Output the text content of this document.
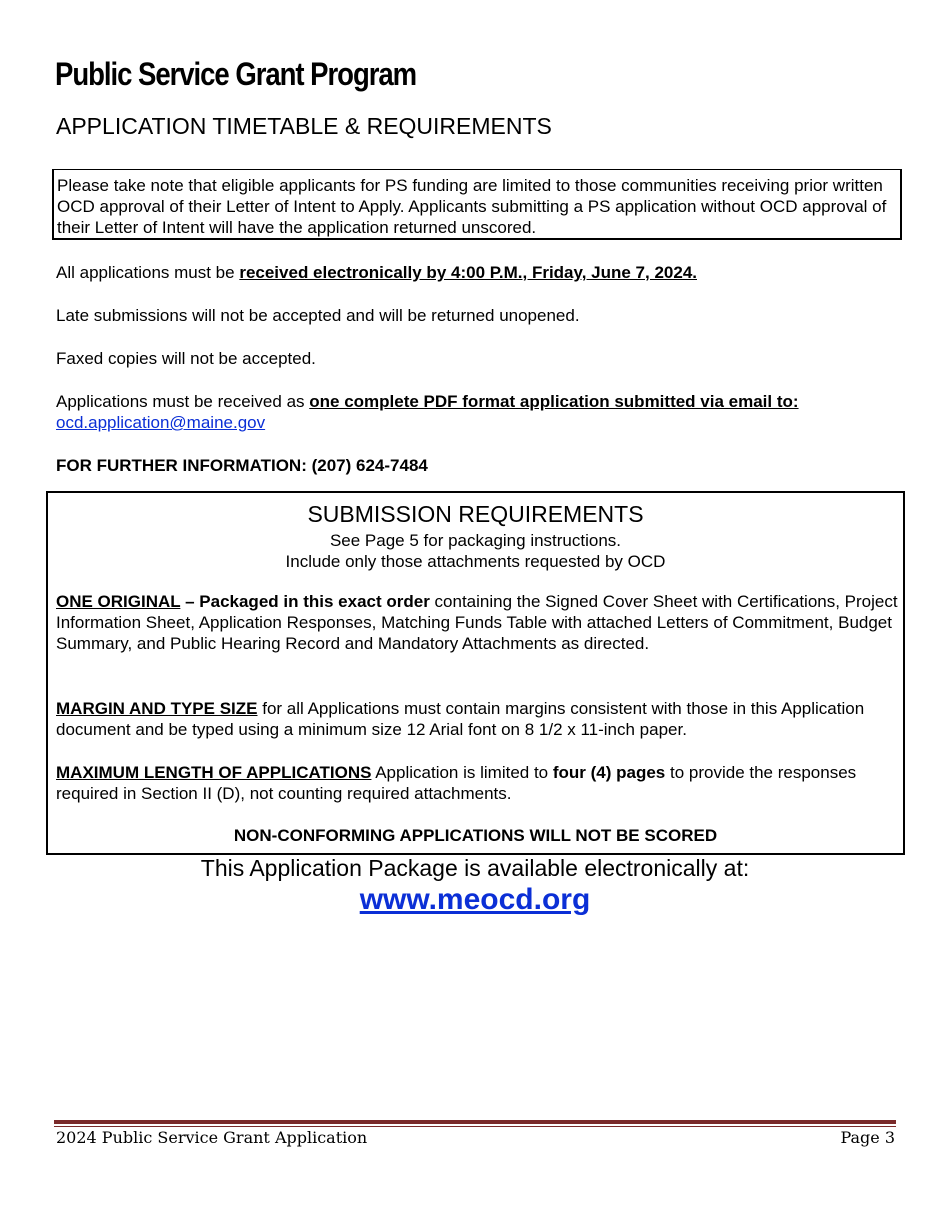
Public Service Grant Program
APPLICATION TIMETABLE & REQUIREMENTS
Please take note that eligible applicants for PS funding are limited to those communities receiving prior written OCD approval of their Letter of Intent to Apply. Applicants submitting a PS application without OCD approval of their Letter of Intent will have the application returned unscored.

All applications must be received electronically by 4:00 P.M., Friday, June 7, 2024.

Late submissions will not be accepted and will be returned unopened.

Faxed copies will not be accepted.

Applications must be received as one complete PDF format application submitted via email to:
ocd.application@maine.gov

FOR FURTHER INFORMATION: (207) 624-7484

SUBMISSION REQUIREMENTS
See Page 5 for packaging instructions.
Include only those attachments requested by OCD

ONE ORIGINAL – Packaged in this exact order containing the Signed Cover Sheet with Certifications, Project Information Sheet, Application Responses, Matching Funds Table with attached Letters of Commitment, Budget Summary, and Public Hearing Record and Mandatory Attachments as directed.

MARGIN AND TYPE SIZE for all Applications must contain margins consistent with those in this Application document and be typed using a minimum size 12 Arial font on 8 1/2 x 11-inch paper.

MAXIMUM LENGTH OF APPLICATIONS Application is limited to four (4) pages to provide the responses required in Section II (D), not counting required attachments.

NON-CONFORMING APPLICATIONS WILL NOT BE SCORED
This Application Package is available electronically at:
www.meocd.org
2024 Public Service Grant Application	Page 3
